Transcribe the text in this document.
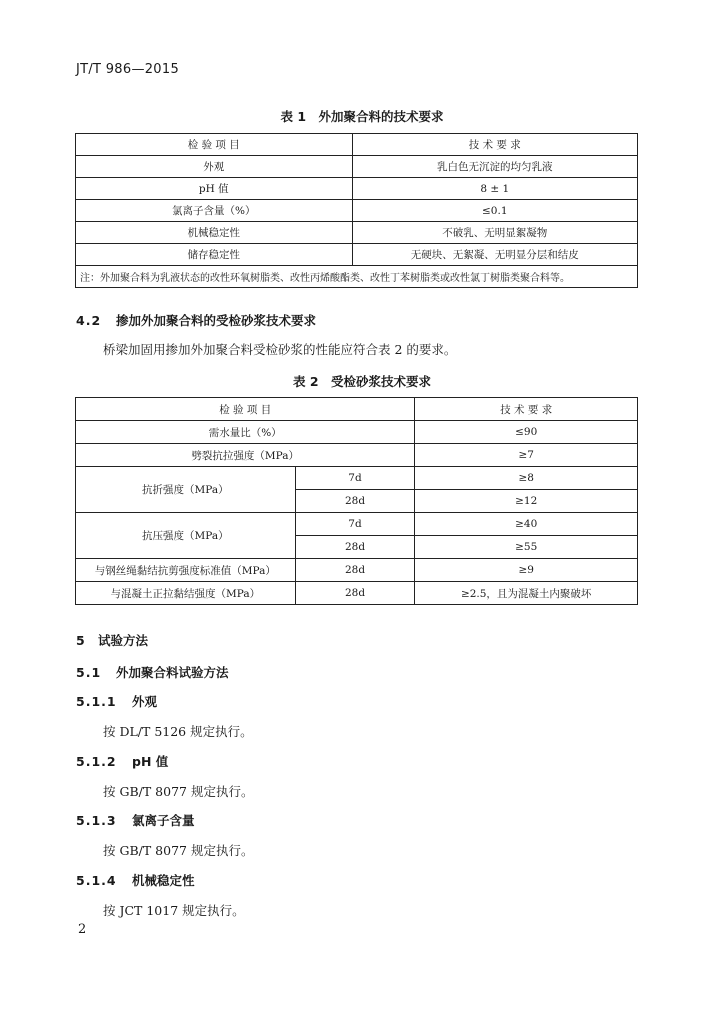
JT/T 986—2015
表 1　外加聚合料的技术要求
检 验 项 目	技 术 要 求
外观	乳白色无沉淀的均匀乳液
pH 值	8 ± 1
氯离子含量（%）	≤0.1
机械稳定性	不破乳、无明显絮凝物
储存稳定性	无硬块、无絮凝、无明显分层和结皮
注：外加聚合料为乳液状态的改性环氧树脂类、改性丙烯酸酯类、改性丁苯树脂类或改性氯丁树脂类聚合料等。	
4.2 掺加外加聚合料的受检砂浆技术要求
桥梁加固用掺加外加聚合料受检砂浆的性能应符合表 2 的要求。
表 2　受检砂浆技术要求
检 验 项 目		技 术 要 求
需水量比（%）		≤90
劈裂抗拉强度（MPa）		≥7
抗折强度（MPa）	7d	≥8
	28d	≥12
抗压强度（MPa）	7d	≥40
	28d	≥55
与钢丝绳黏结抗剪强度标准值（MPa）	28d	≥9
与混凝土正拉黏结强度（MPa）	28d	≥2.5，且为混凝土内聚破坏
5 试验方法
5.1 外加聚合料试验方法
5.1.1 外观
按 DL/T 5126 规定执行。
5.1.2 pH 值
按 GB/T 8077 规定执行。
5.1.3 氯离子含量
按 GB/T 8077 规定执行。
5.1.4 机械稳定性
按 JCT 1017 规定执行。
2
